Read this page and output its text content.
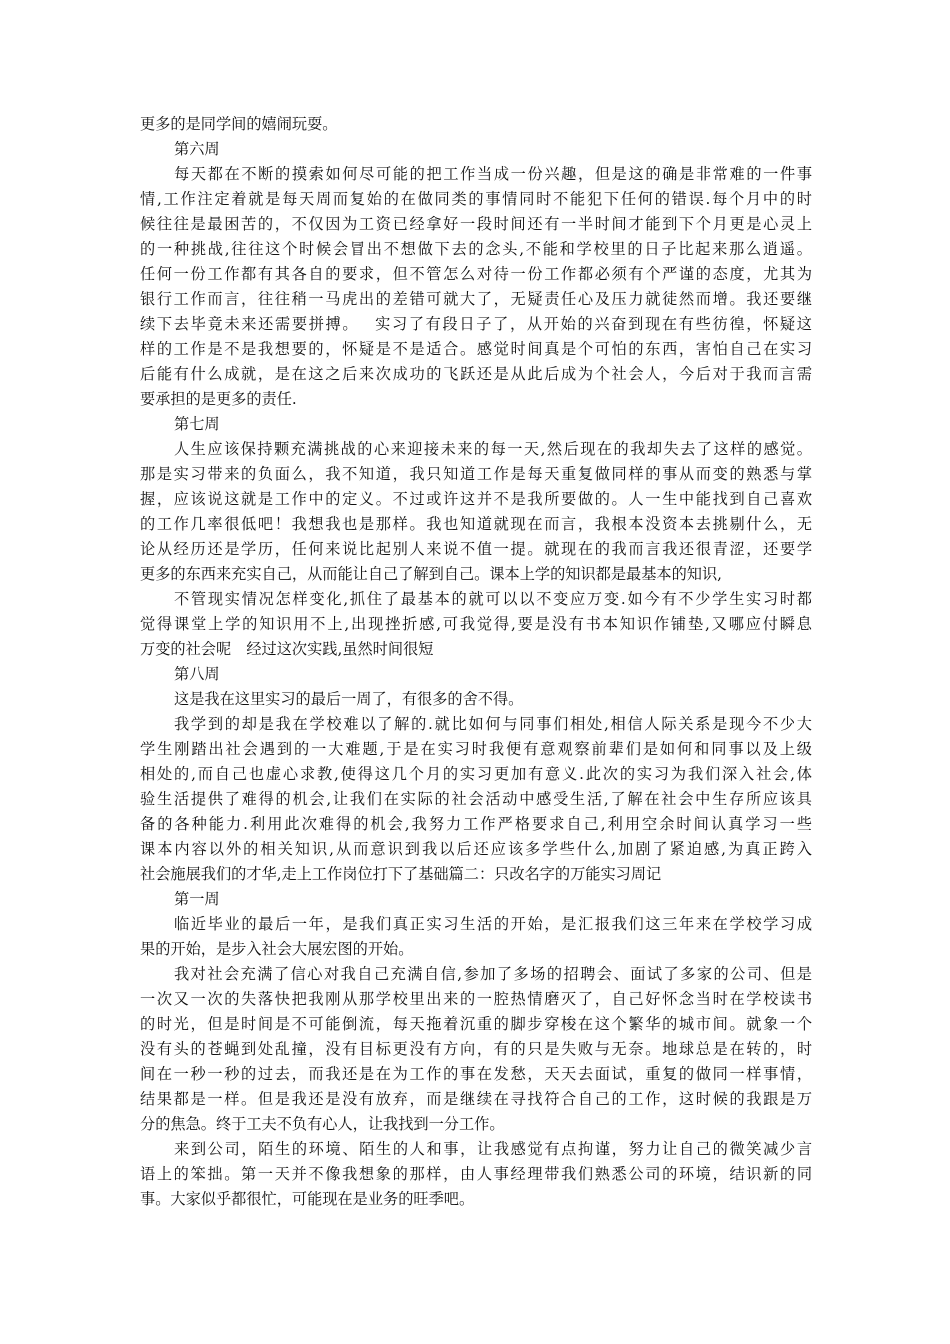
更多的是同学间的嬉闹玩耍。
第六周
每天都在不断的摸索如何尽可能的把工作当成一份兴趣，但是这的确是非常难的一件事
情,工作注定着就是每天周而复始的在做同类的事情同时不能犯下任何的错误.每个月中的时
候往往是最困苦的，不仅因为工资已经拿好一段时间还有一半时间才能到下个月更是心灵上
的一种挑战,往往这个时候会冒出不想做下去的念头,不能和学校里的日子比起来那么逍遥。
任何一份工作都有其各自的要求，但不管怎么对待一份工作都必须有个严谨的态度，尤其为
银行工作而言，往往稍一马虎出的差错可就大了，无疑责任心及压力就徒然而增。我还要继
续下去毕竟未来还需要拼搏。　 实习了有段日子了，从开始的兴奋到现在有些彷徨，怀疑这
样的工作是不是我想要的，怀疑是不是适合。感觉时间真是个可怕的东西，害怕自己在实习
后能有什么成就，是在这之后来次成功的飞跃还是从此后成为个社会人，今后对于我而言需
要承担的是更多的责任.
第七周
人生应该保持颗充满挑战的心来迎接未来的每一天,然后现在的我却失去了这样的感觉。
那是实习带来的负面么，我不知道，我只知道工作是每天重复做同样的事从而变的熟悉与掌
握，应该说这就是工作中的定义。不过或许这并不是我所要做的。人一生中能找到自己喜欢
的工作几率很低吧！我想我也是那样。我也知道就现在而言，我根本没资本去挑剔什么，无
论从经历还是学历，任何来说比起别人来说不值一提。就现在的我而言我还很青涩，还要学
更多的东西来充实自己，从而能让自己了解到自己。课本上学的知识都是最基本的知识,
不管现实情况怎样变化,抓住了最基本的就可以以不变应万变.如今有不少学生实习时都
觉得课堂上学的知识用不上,出现挫折感,可我觉得,要是没有书本知识作铺垫,又哪应付瞬息
万变的社会呢　经过这次实践,虽然时间很短
第八周
这是我在这里实习的最后一周了，有很多的舍不得。
我学到的却是我在学校难以了解的.就比如何与同事们相处,相信人际关系是现今不少大
学生刚踏出社会遇到的一大难题,于是在实习时我便有意观察前辈们是如何和同事以及上级
相处的,而自己也虚心求教,使得这几个月的实习更加有意义.此次的实习为我们深入社会,体
验生活提供了难得的机会,让我们在实际的社会活动中感受生活,了解在社会中生存所应该具
备的各种能力.利用此次难得的机会,我努力工作严格要求自己,利用空余时间认真学习一些
课本内容以外的相关知识,从而意识到我以后还应该多学些什么,加剧了紧迫感,为真正跨入
社会施展我们的才华,走上工作岗位打下了基础篇二：只改名字的万能实习周记
第一周
临近毕业的最后一年，是我们真正实习生活的开始，是汇报我们这三年来在学校学习成
果的开始，是步入社会大展宏图的开始。
我对社会充满了信心对我自己充满自信,参加了多场的招聘会、面试了多家的公司、但是
一次又一次的失落快把我刚从那学校里出来的一腔热情磨灭了，自己好怀念当时在学校读书
的时光，但是时间是不可能倒流，每天拖着沉重的脚步穿梭在这个繁华的城市间。就象一个
没有头的苍蝇到处乱撞，没有目标更没有方向，有的只是失败与无奈。地球总是在转的，时
间在一秒一秒的过去，而我还是在为工作的事在发愁，天天去面试，重复的做同一样事情，
结果都是一样。但是我还是没有放弃，而是继续在寻找符合自己的工作，这时候的我跟是万
分的焦急。终于工夫不负有心人，让我找到一分工作。
来到公司，陌生的环境、陌生的人和事，让我感觉有点拘谨，努力让自己的微笑减少言
语上的笨拙。第一天并不像我想象的那样，由人事经理带我们熟悉公司的环境，结识新的同
事。大家似乎都很忙，可能现在是业务的旺季吧。
